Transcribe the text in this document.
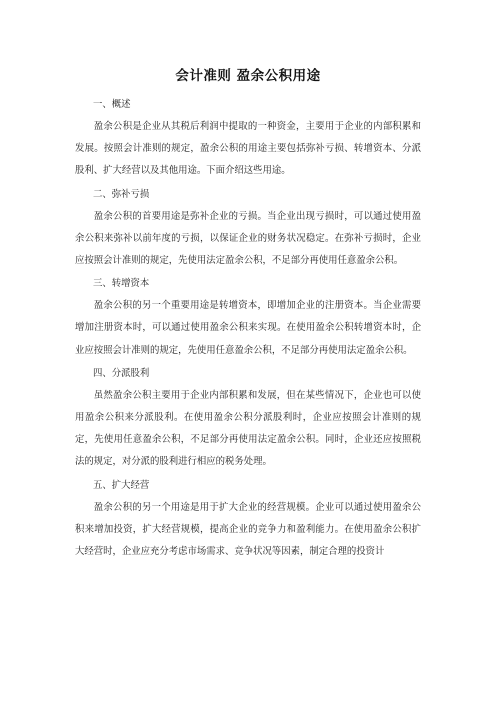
会计准则 盈余公积用途

一、概述

盈余公积是企业从其税后利润中提取的一种资金，主要用于企业的内部积累和发展。按照会计准则的规定，盈余公积的用途主要包括弥补亏损、转增资本、分派股利、扩大经营以及其他用途。下面介绍这些用途。

二、弥补亏损

盈余公积的首要用途是弥补企业的亏损。当企业出现亏损时，可以通过使用盈余公积来弥补以前年度的亏损，以保证企业的财务状况稳定。在弥补亏损时，企业应按照会计准则的规定，先使用法定盈余公积，不足部分再使用任意盈余公积。

三、转增资本

盈余公积的另一个重要用途是转增资本，即增加企业的注册资本。当企业需要增加注册资本时，可以通过使用盈余公积来实现。在使用盈余公积转增资本时，企业应按照会计准则的规定，先使用任意盈余公积，不足部分再使用法定盈余公积。

四、分派股利

虽然盈余公积主要用于企业内部积累和发展，但在某些情况下，企业也可以使用盈余公积来分派股利。在使用盈余公积分派股利时，企业应按照会计准则的规定，先使用任意盈余公积，不足部分再使用法定盈余公积。同时，企业还应按照税法的规定，对分派的股利进行相应的税务处理。

五、扩大经营

盈余公积的另一个用途是用于扩大企业的经营规模。企业可以通过使用盈余公积来增加投资，扩大经营规模，提高企业的竞争力和盈利能力。在使用盈余公积扩大经营时，企业应充分考虑市场需求、竞争状况等因素，制定合理的投资计
